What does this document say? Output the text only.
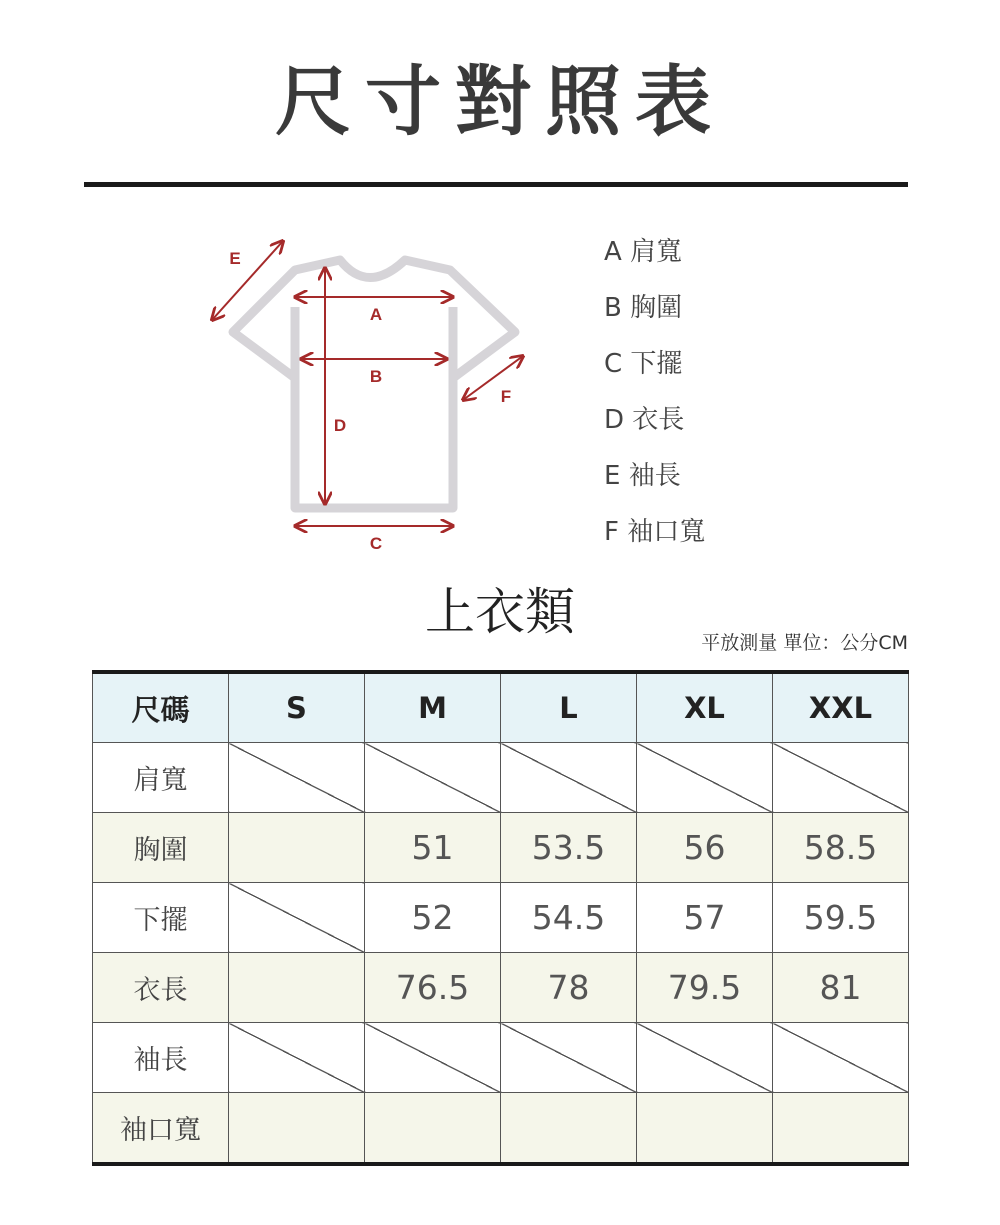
尺寸對照表
A
B
C
D
E
F
A 肩寬
B 胸圍
C 下擺
D 衣長
E 袖長
F 袖口寬
上衣類
平放測量 單位：公分CM
尺碼	S	M	L	XL	XXL
肩寬					
胸圍		51	53.5	56	58.5
下擺		52	54.5	57	59.5
衣長		76.5	78	79.5	81
袖長					
袖口寬					
